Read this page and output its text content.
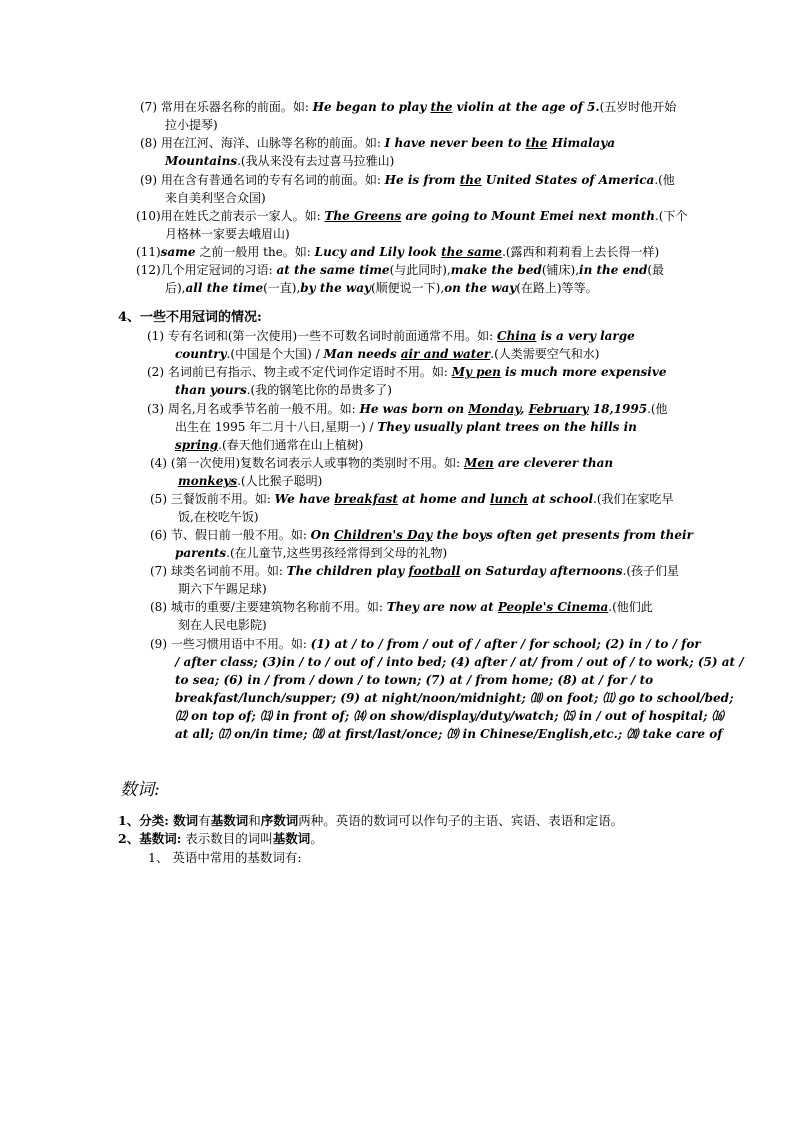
(7) 常用在乐器名称的前面。如: He began to play the violin at the age of 5.(五岁时他开始
拉小提琴)
(8) 用在江河、海洋、山脉等名称的前面。如: I have never been to the Himalaya
Mountains.(我从来没有去过喜马拉雅山)
(9) 用在含有普通名词的专有名词的前面。如: He is from the United States of America.(他
来自美利坚合众国)
(10)用在姓氏之前表示一家人。如: The Greens are going to Mount Emei next month.(下个
月格林一家要去峨眉山)
(11)same 之前一般用 the。如: Lucy and Lily look the same.(露西和莉莉看上去长得一样)
(12)几个用定冠词的习语: at the same time(与此同时),make the bed(铺床),in the end(最
后),all the time(一直),by the way(顺便说一下),on the way(在路上)等等。
4、一些不用冠词的情况:
(1) 专有名词和(第一次使用)一些不可数名词时前面通常不用。如: China is a very large
country.(中国是个大国) / Man needs air and water.(人类需要空气和水)
(2) 名词前已有指示、物主或不定代词作定语时不用。如: My pen is much more expensive
than yours.(我的钢笔比你的昂贵多了)
(3) 周名,月名或季节名前一般不用。如: He was born on Monday, February 18,1995.(他
出生在 1995 年二月十八日,星期一) / They usually plant trees on the hills in
spring.(春天他们通常在山上植树)
(4) (第一次使用)复数名词表示人或事物的类别时不用。如: Men are cleverer than
monkeys.(人比猴子聪明)
(5) 三餐饭前不用。如: We have breakfast at home and lunch at school.(我们在家吃早
饭,在校吃午饭)
(6) 节、假日前一般不用。如: On Children's Day the boys often get presents from their
parents.(在儿童节,这些男孩经常得到父母的礼物)
(7) 球类名词前不用。如: The children play football on Saturday afternoons.(孩子们星
期六下午踢足球)
(8) 城市的重要/主要建筑物名称前不用。如: They are now at People's Cinema.(他们此
刻在人民电影院)
(9) 一些习惯用语中不用。如: (1) at / to / from / out of / after / for school; (2) in / to / for
/ after class; (3)in / to / out of / into bed; (4) after / at/ from / out of / to work; (5) at /
to sea; (6) in / from / down / to town; (7) at / from home; (8) at / for / to
breakfast/lunch/supper; (9) at night/noon/midnight; ⑽ on foot; ⑾ go to school/bed;
⑿ on top of; ⒀ in front of; ⒁ on show/display/duty/watch; ⒂ in / out of hospital; ⒃
at all; ⒄ on/in time; ⒅ at first/last/once; ⒆ in Chinese/English,etc.; ⒇ take care of
数词:
1、分类: 数词有基数词和序数词两种。英语的数词可以作句子的主语、宾语、表语和定语。
2、基数词: 表示数目的词叫基数词。
1、 英语中常用的基数词有:
